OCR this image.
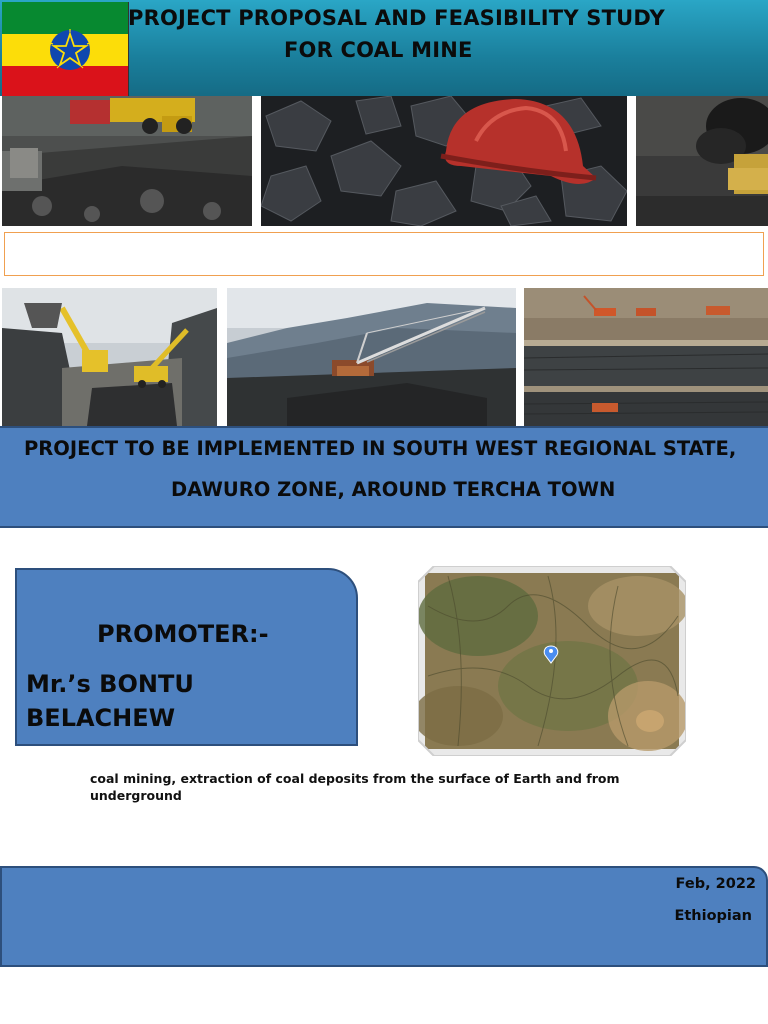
PROJECT PROPOSAL AND FEASIBILITY STUDY
FOR COAL MINE
PROJECT TO BE IMPLEMENTED IN SOUTH WEST REGIONAL STATE,
DAWURO ZONE, AROUND TERCHA TOWN
PROMOTER:-
Mr.’s BONTU
BELACHEW
coal mining, extraction of coal deposits from the surface of Earth and from underground
Feb, 2022
Ethiopian
